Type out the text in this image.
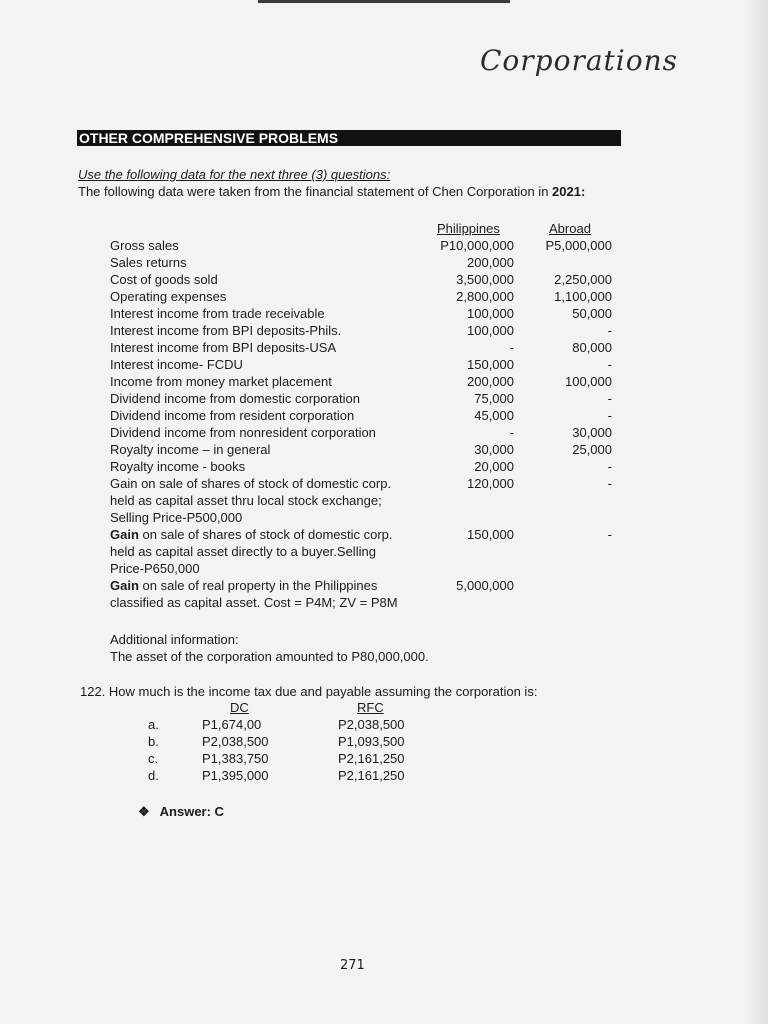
Corporations
OTHER COMPREHENSIVE PROBLEMS
Use the following data for the next three (3) questions:
The following data were taken from the financial statement of Chen Corporation in 2021:
Philippines	Abroad
Gross sales	P10,000,000 P5,000,000
Sales returns	200,000
Cost of goods sold	3,500,000	2,250,000
Operating expenses	2,800,000	1,100,000
Interest income from trade receivable	100,000	50,000
Interest income from BPI deposits-Phils.	100,000	-
Interest income from BPI deposits-USA	-	80,000
Interest income- FCDU	150,000	-
Income from money market placement	200,000	100,000
Dividend income from domestic corporation	75,000	-
Dividend income from resident corporation	45,000	-
Dividend income from nonresident corporation	-	30,000
Royalty income – in general	30,000	25,000
Royalty income - books	20,000	-
Gain on sale of shares of stock of domestic corp.	120,000	-
held as capital asset thru local stock exchange;
Selling Price-P500,000
Gain on sale of shares of stock of domestic corp.	150,000	-
held as capital asset directly to a buyer.Selling
Price-P650,000
Gain on sale of real property in the Philippines	5,000,000
classified as capital asset. Cost = P4M; ZV = P8M
Additional information:
The asset of the corporation amounted to P80,000,000.
122. How much is the income tax due and payable assuming the corporation is:
DC	RFC
a.	P1,674,00	P2,038,500
b.	P2,038,500	P1,093,500
c.	P1,383,750	P2,161,250
d.	P1,395,000	P2,161,250
❖ Answer: C
271
